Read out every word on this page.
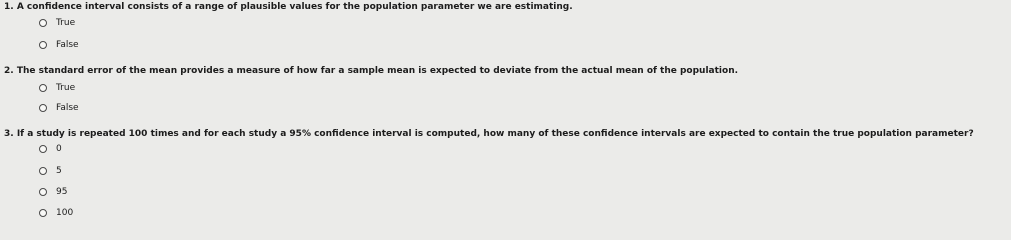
1. A confidence interval consists of a range of plausible values for the population parameter we are estimating.
True
False
2. The standard error of the mean provides a measure of how far a sample mean is expected to deviate from the actual mean of the population.
True
False
3. If a study is repeated 100 times and for each study a 95% confidence interval is computed, how many of these confidence intervals are expected to contain the true population parameter?
0
5
95
100
